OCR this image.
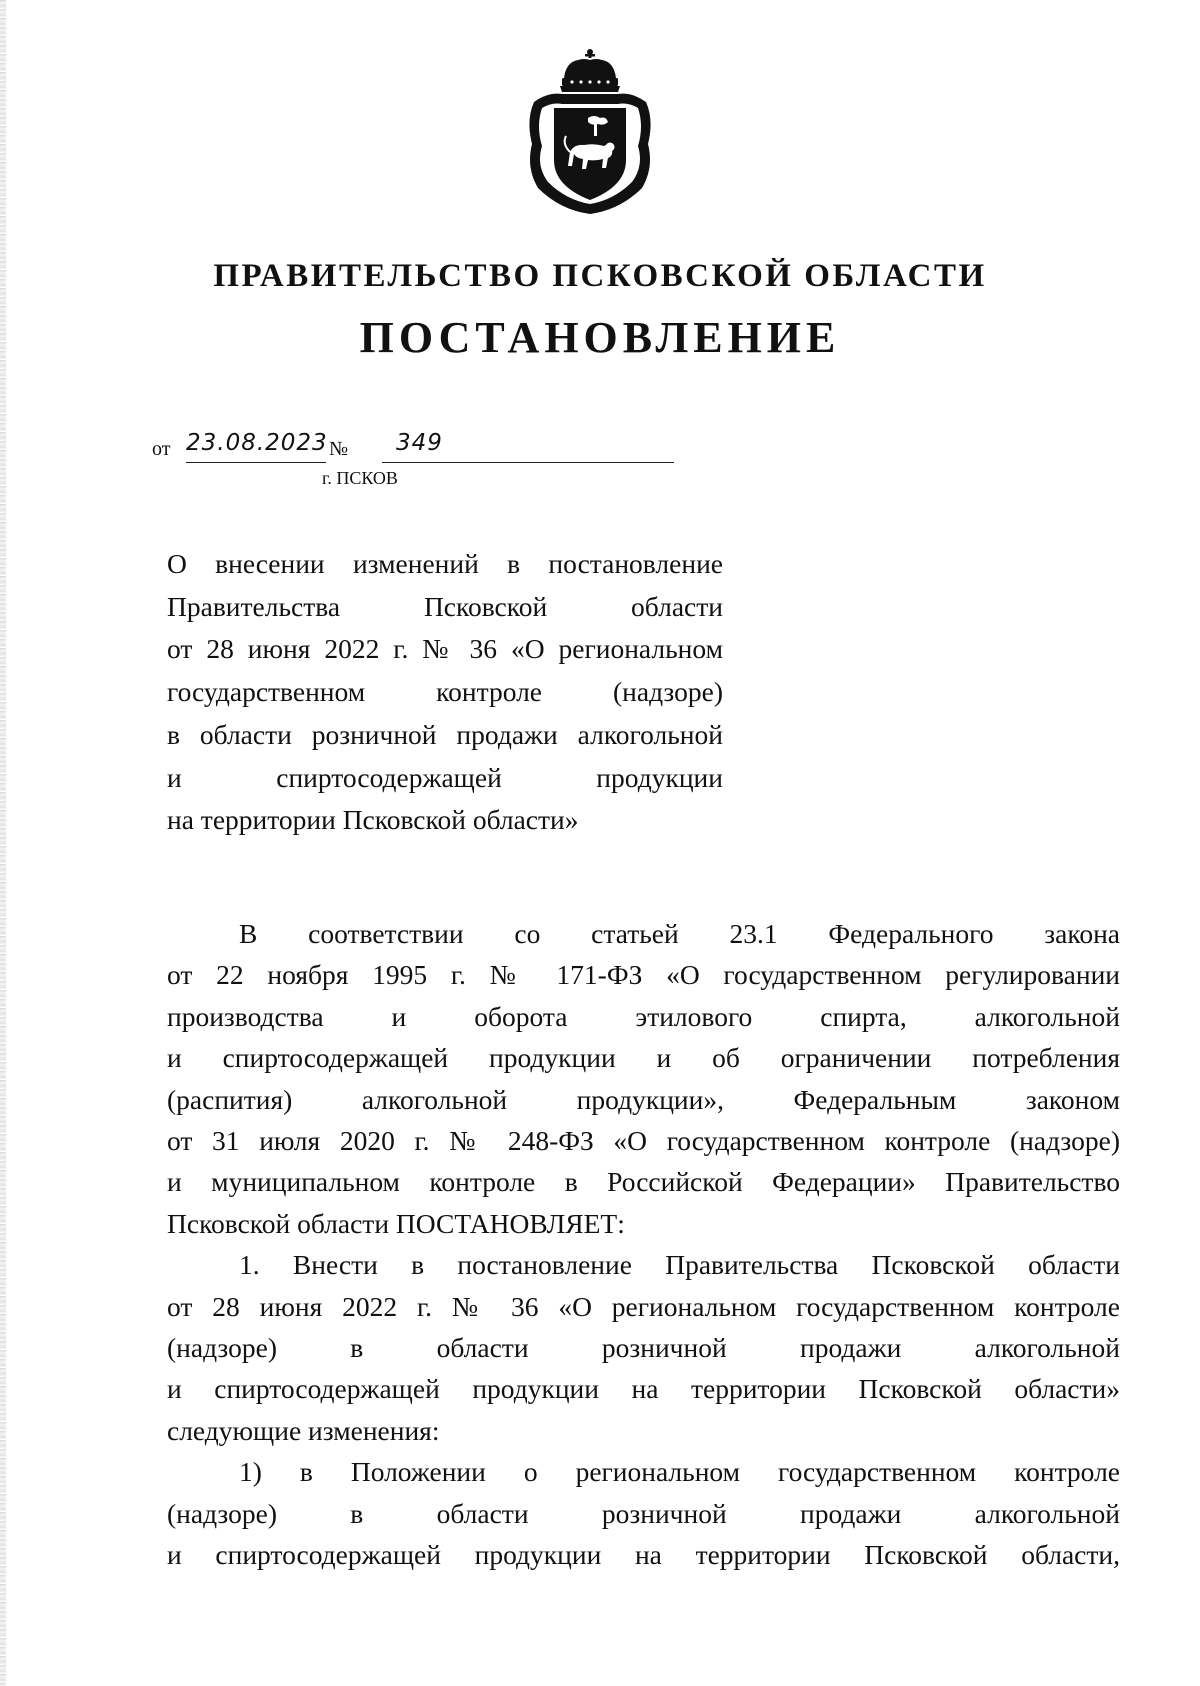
ПРАВИТЕЛЬСТВО ПСКОВСКОЙ ОБЛАСТИ
ПОСТАНОВЛЕНИЕ
от 23.08.2023 № 349
г. ПСКОВ
О внесении изменений в постановление
Правительства Псковской области
от 28 июня 2022 г. № 36 «О региональном
государственном контроле (надзоре)
в области розничной продажи алкогольной
и спиртосодержащей продукции
на территории Псковской области»
В соответствии со статьей 23.1 Федерального закона
от 22 ноября 1995 г. № 171-ФЗ «О государственном регулировании
производства и оборота этилового спирта, алкогольной
и спиртосодержащей продукции и об ограничении потребления
(распития) алкогольной продукции», Федеральным законом
от 31 июля 2020 г. № 248-ФЗ «О государственном контроле (надзоре)
и муниципальном контроле в Российской Федерации» Правительство
Псковской области ПОСТАНОВЛЯЕТ:
1. Внести в постановление Правительства Псковской области
от 28 июня 2022 г. № 36 «О региональном государственном контроле
(надзоре) в области розничной продажи алкогольной
и спиртосодержащей продукции на территории Псковской области»
следующие изменения:
1) в Положении о региональном государственном контроле
(надзоре) в области розничной продажи алкогольной
и спиртосодержащей продукции на территории Псковской области,
